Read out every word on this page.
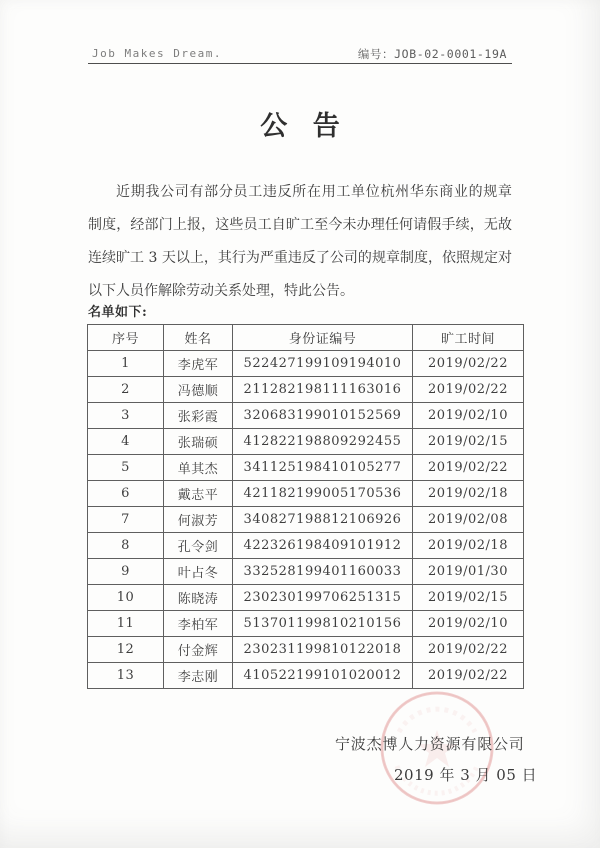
Job Makes Dream.	编号：JOB-02-0001-19A
公 告
近期我公司有部分员工违反所在用工单位杭州华东商业的规章
制度，经部门上报，这些员工自旷工至今未办理任何请假手续，无故
连续旷工 3 天以上，其行为严重违反了公司的规章制度，依照规定对
以下人员作解除劳动关系处理，特此公告。
名单如下:
序号	姓名	身份证编号	旷工时间
1	李虎军	522427199109194010	2019/02/22
2	冯德顺	211282198111163016	2019/02/22
3	张彩霞	320683199010152569	2019/02/10
4	张瑞硕	412822198809292455	2019/02/15
5	单其杰	341125198410105277	2019/02/22
6	戴志平	421182199005170536	2019/02/18
7	何淑芳	340827198812106926	2019/02/08
8	孔令剑	422326198409101912	2019/02/18
9	叶占冬	332528199401160033	2019/01/30
10	陈晓涛	230230199706251315	2019/02/15
11	李柏军	513701199810210156	2019/02/10
12	付金辉	230231199810122018	2019/02/22
13	李志刚	410522199101020012	2019/02/22
宁波杰博人力资源有限公司
2019 年 3 月 05 日
